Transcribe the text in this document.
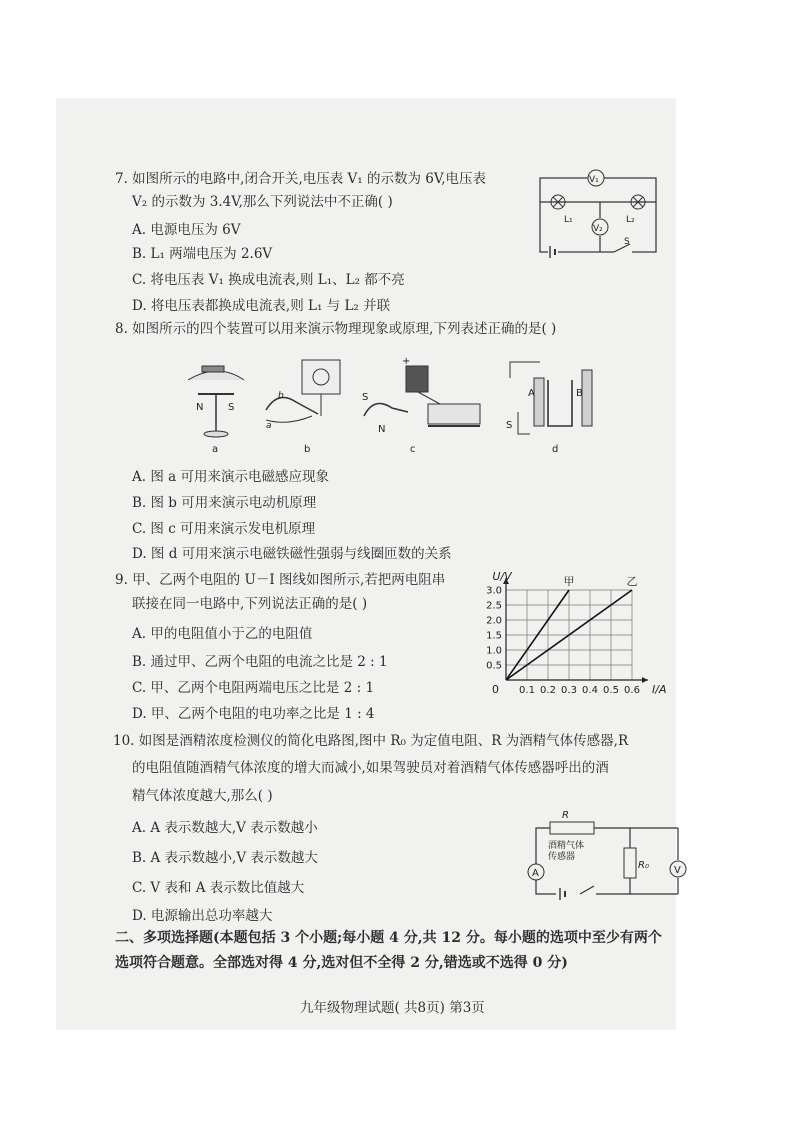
7. 如图所示的电路中,闭合开关,电压表 V₁ 的示数为 6V,电压表
V₂ 的示数为 3.4V,那么下列说法中不正确( )
A. 电源电压为 6V
B. L₁ 两端电压为 2.6V
C. 将电压表 V₁ 换成电流表,则 L₁、L₂ 都不亮
D. 将电压表都换成电流表,则 L₁ 与 L₂ 并联
V₁
L₁	L₂
V₂
S
8. 如图所示的四个装置可以用来演示物理现象或原理,下列表述正确的是( )
N S
a
a
b
b
+
S
N
c
A	B
S
d
A. 图 a 可用来演示电磁感应现象
B. 图 b 可用来演示电动机原理
C. 图 c 可用来演示发电机原理
D. 图 d 可用来演示电磁铁磁性强弱与线圈匝数的关系
9. 甲、乙两个电阻的 U－I 图线如图所示,若把两电阻串
联接在同一电路中,下列说法正确的是( )
A. 甲的电阻值小于乙的电阻值
B. 通过甲、乙两个电阻的电流之比是 2 : 1
C. 甲、乙两个电阻两端电压之比是 2 : 1
D. 甲、乙两个电阻的电功率之比是 1 : 4
I/A
U/V
0 0.1 0.2 0.3 0.4 0.5 0.6
0.5
1.0
1.5
2.0
2.5
3.0
甲	乙
10. 如图是酒精浓度检测仪的简化电路图,图中 R₀ 为定值电阻、R 为酒精气体传感器,R
的电阻值随酒精气体浓度的增大而减小,如果驾驶员对着酒精气体传感器呼出的酒
精气体浓度越大,那么( )
A. A 表示数越大,V 表示数越小
B. A 表示数越小,V 表示数越大
C. V 表和 A 表示数比值越大
D. 电源输出总功率越大
R
酒精气体
传感器
R₀
A	V
二、多项选择题(本题包括 3 个小题;每小题 4 分,共 12 分。每小题的选项中至少有两个
选项符合题意。全部选对得 4 分,选对但不全得 2 分,错选或不选得 0 分)
九年级物理试题( 共8页) 第3页
